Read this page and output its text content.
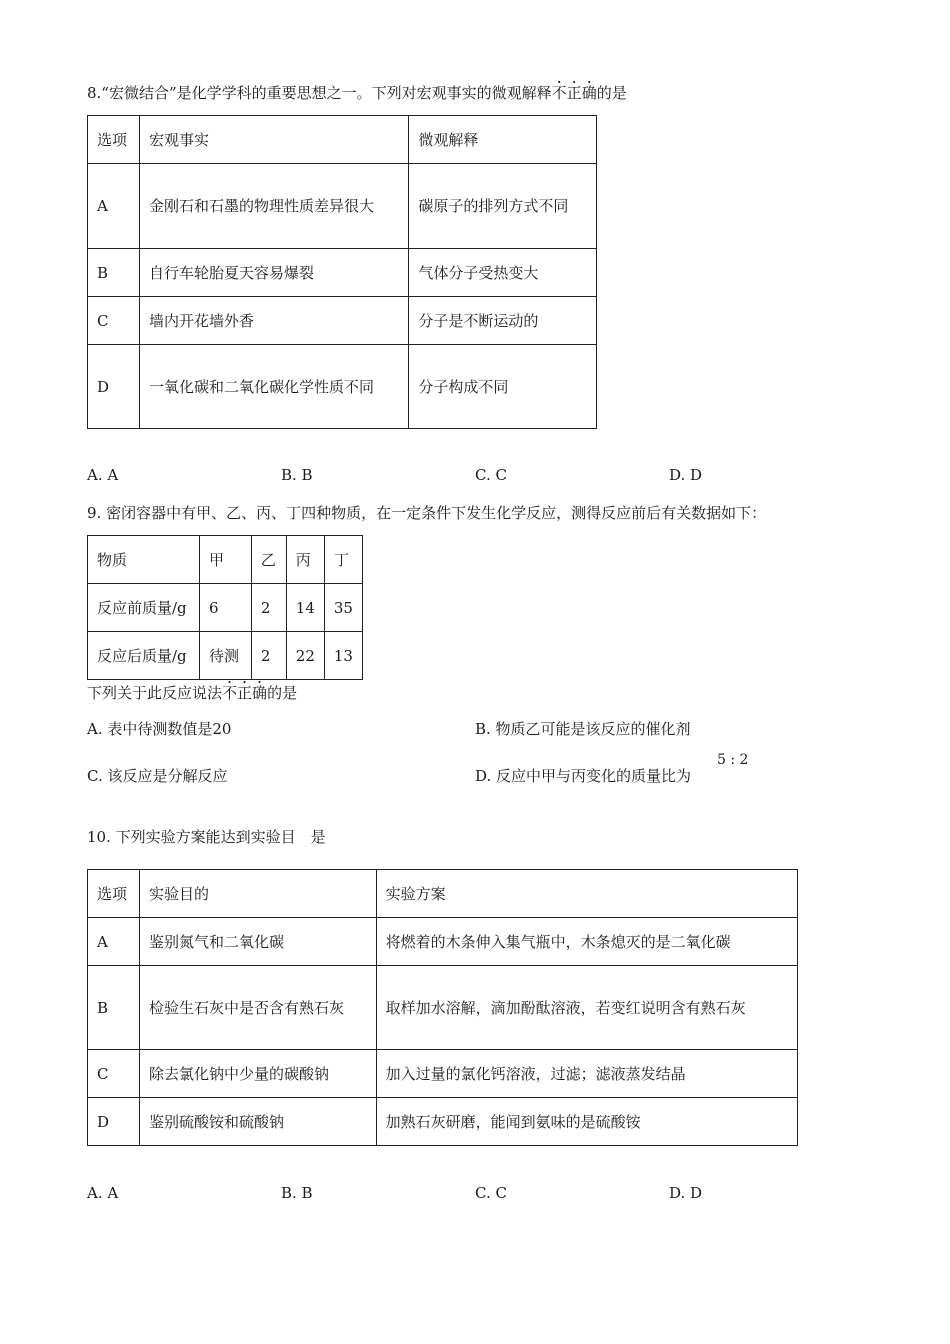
8.“宏微结合”是化学学科的重要思想之一。下列对宏观事实的微观解释不正确的是
选项	宏观事实	微观解释
A	金刚石和石墨的物理性质差异很大	碳原子的排列方式不同
B	自行车轮胎夏天容易爆裂	气体分子受热变大
C	墙内开花墙外香	分子是不断运动的
D	一氧化碳和二氧化碳化学性质不同	分子构成不同
A. A	B. B	C. C	D. D
9. 密闭容器中有甲、乙、丙、丁四种物质，在一定条件下发生化学反应，测得反应前后有关数据如下：
物质	甲	乙	丙	丁
反应前质量/g	6	2	14	35
反应后质量/g	待测	2	22	13
下列关于此反应说法不正确的是
A. 表中待测数值是20	B. 物质乙可能是该反应的催化剂
C. 该反应是分解反应	D. 反应中甲与丙变化的质量比为
5 : 2
10. 下列实验方案能达到实验目　是
选项	实验目的	实验方案
A	鉴别氮气和二氧化碳	将燃着的木条伸入集气瓶中，木条熄灭的是二氧化碳
B	检验生石灰中是否含有熟石灰	取样加水溶解，滴加酚酞溶液，若变红说明含有熟石灰
C	除去氯化钠中少量的碳酸钠	加入过量的氯化钙溶液，过滤；滤液蒸发结晶
D	鉴别硫酸铵和硫酸钠	加熟石灰研磨，能闻到氨味的是硫酸铵
A. A	B. B	C. C	D. D
